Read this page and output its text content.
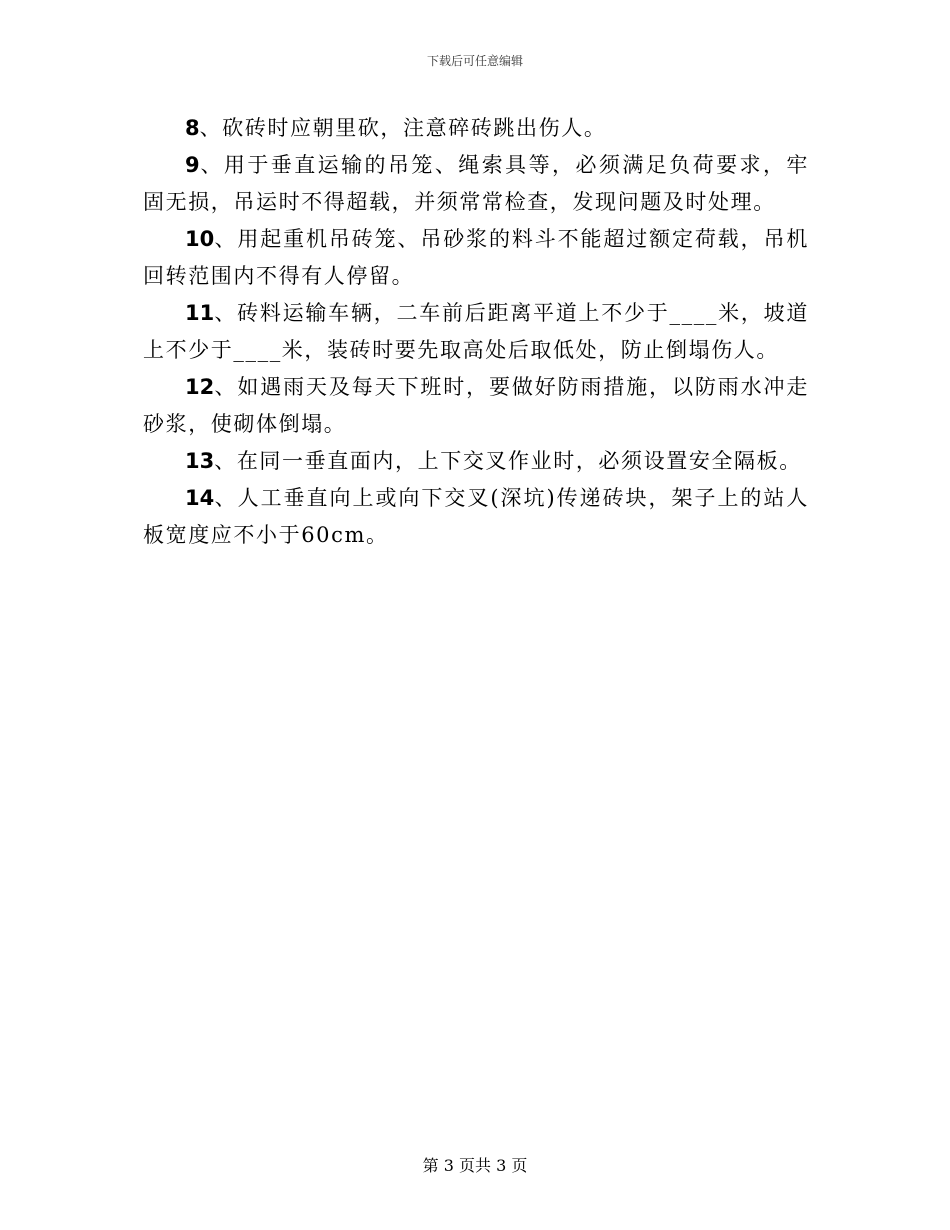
下载后可任意编辑

8、砍砖时应朝里砍，注意碎砖跳出伤人。

9、用于垂直运输的吊笼、绳索具等，必须满足负荷要求，牢固无损，吊运时不得超载，并须常常检查，发现问题及时处理。

10、用起重机吊砖笼、吊砂浆的料斗不能超过额定荷载，吊机回转范围内不得有人停留。

11、砖料运输车辆，二车前后距离平道上不少于____米，坡道上不少于____米，装砖时要先取高处后取低处，防止倒塌伤人。

12、如遇雨天及每天下班时，要做好防雨措施，以防雨水冲走砂浆，使砌体倒塌。

13、在同一垂直面内，上下交叉作业时，必须设置安全隔板。

14、人工垂直向上或向下交叉(深坑)传递砖块，架子上的站人板宽度应不小于60cm。

第 3 页共 3 页
